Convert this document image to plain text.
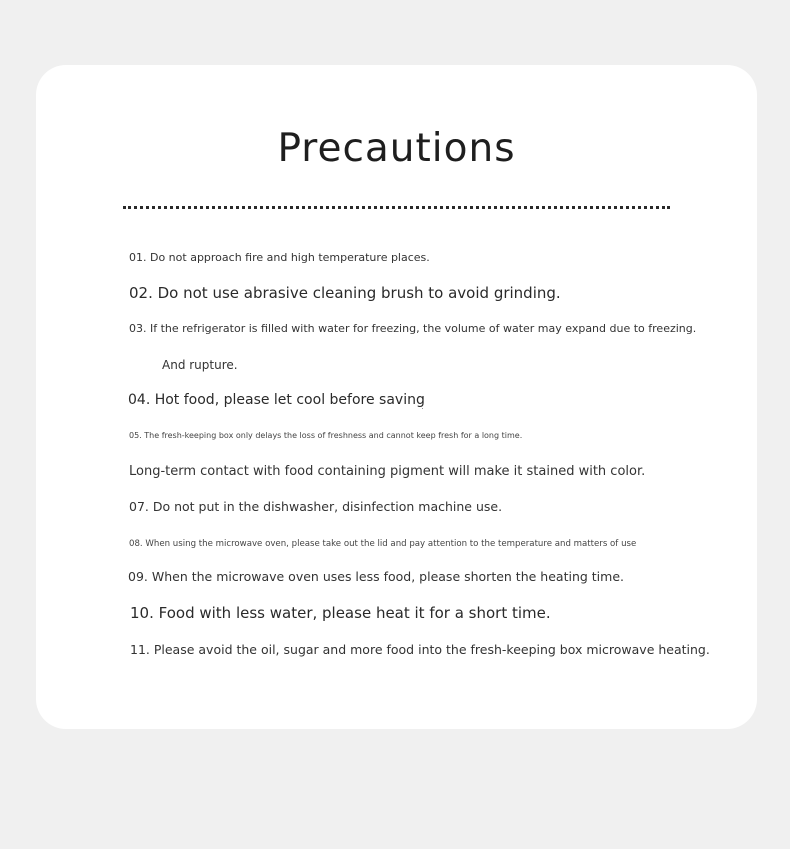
Precautions
01. Do not approach fire and high temperature places.
02. Do not use abrasive cleaning brush to avoid grinding.
03. If the refrigerator is filled with water for freezing, the volume of water may expand due to freezing.
And rupture.
04. Hot food, please let cool before saving
05. The fresh-keeping box only delays the loss of freshness and cannot keep fresh for a long time.
Long-term contact with food containing pigment will make it stained with color.
07. Do not put in the dishwasher, disinfection machine use.
08. When using the microwave oven, please take out the lid and pay attention to the temperature and matters of use
09. When the microwave oven uses less food, please shorten the heating time.
10. Food with less water, please heat it for a short time.
11. Please avoid the oil, sugar and more food into the fresh-keeping box microwave heating.
